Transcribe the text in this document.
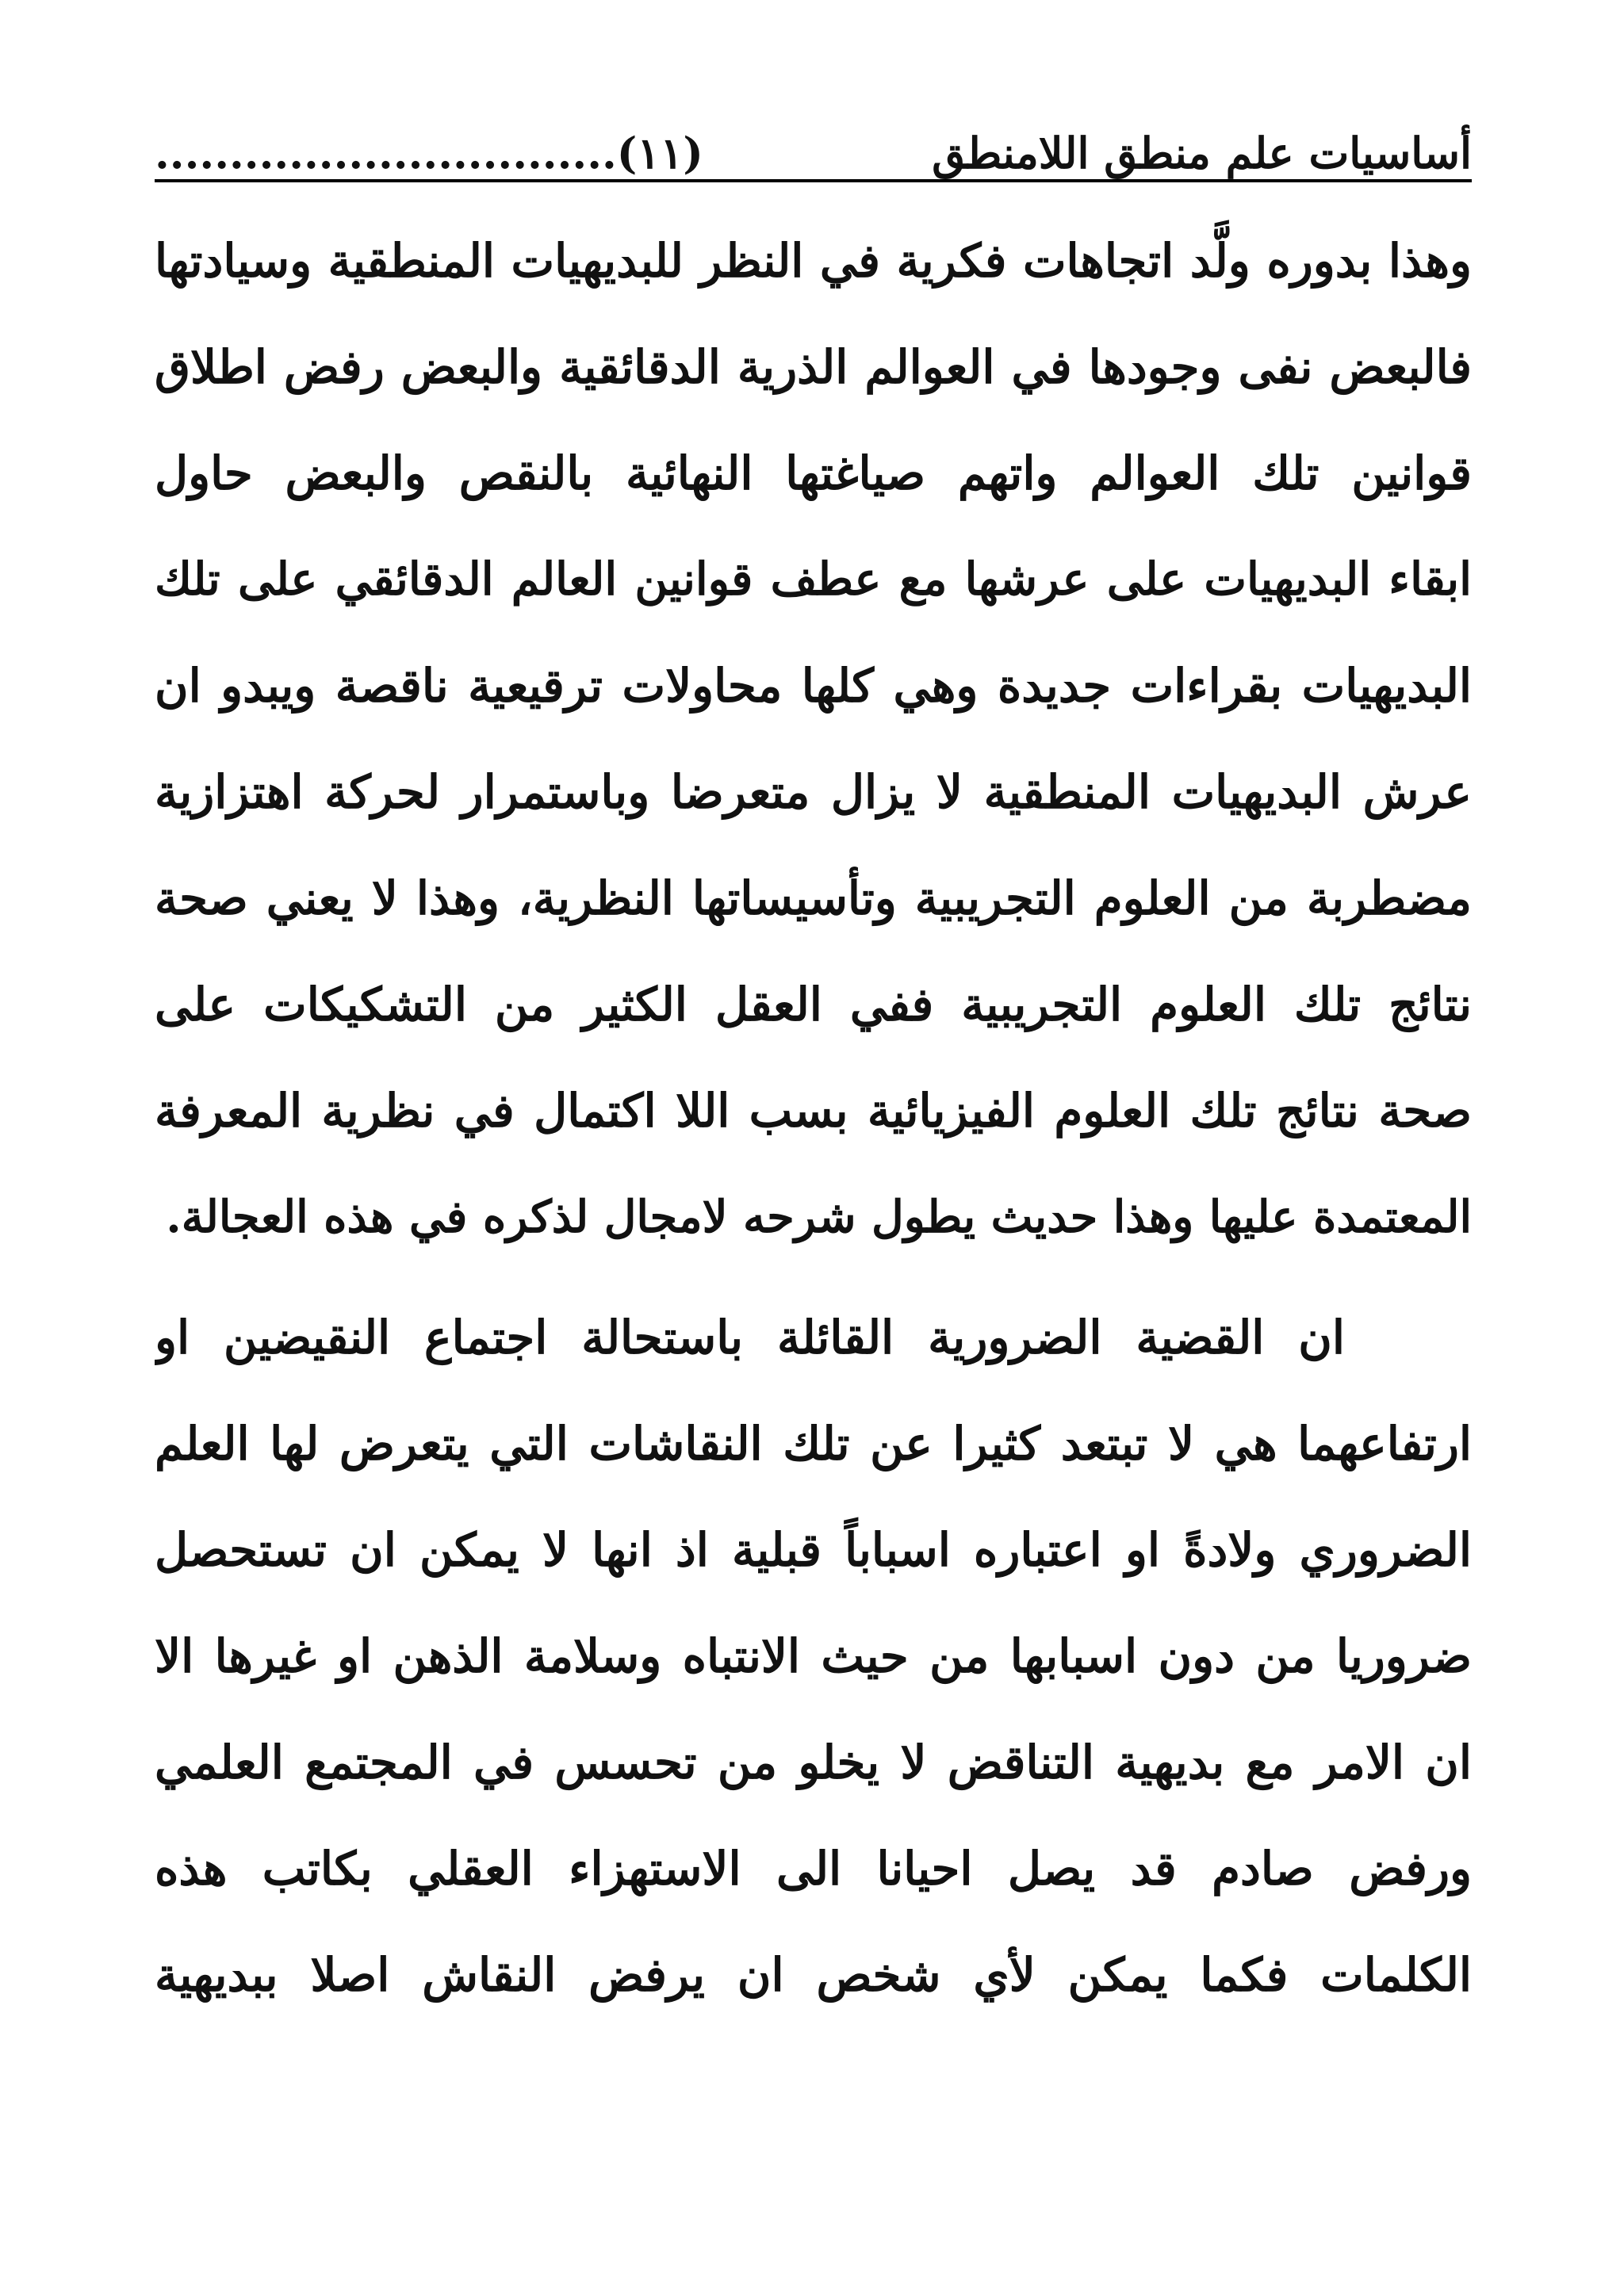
أساسيات علم منطق اللامنطق
...............................(١١)
وهذا بدوره ولَّد اتجاهات فكرية في النظر للبديهيات المنطقية وسيادتها
فالبعض نفى وجودها في العوالم الذرية الدقائقية والبعض رفض اطلاق
قوانين تلك العوالم واتهم صياغتها النهائية بالنقص والبعض حاول
ابقاء البديهيات على عرشها مع عطف قوانين العالم الدقائقي على تلك
البديهيات بقراءات جديدة وهي كلها محاولات ترقيعية ناقصة ويبدو ان
عرش البديهيات المنطقية لا يزال متعرضا وباستمرار لحركة اهتزازية
مضطربة من العلوم التجريبية وتأسيساتها النظرية، وهذا لا يعني صحة
نتائج تلك العلوم التجريبية ففي العقل الكثير من التشكيكات على
صحة نتائج تلك العلوم الفيزيائية بسب اللا اكتمال في نظرية المعرفة
المعتمدة عليها وهذا حديث يطول شرحه لامجال لذكره في هذه العجالة.
ان القضية الضرورية القائلة باستحالة اجتماع النقيضين او
ارتفاعهما هي لا تبتعد كثيرا عن تلك النقاشات التي يتعرض لها العلم
الضروري ولادةً او اعتباره اسباباً قبلية اذ انها لا يمكن ان تستحصل
ضروريا من دون اسبابها من حيث الانتباه وسلامة الذهن او غيرها الا
ان الامر مع بديهية التناقض لا يخلو من تحسس في المجتمع العلمي
ورفض صادم قد يصل احيانا الى الاستهزاء العقلي بكاتب هذه
الكلمات فكما يمكن لأي شخص ان يرفض النقاش اصلا ببديهية
